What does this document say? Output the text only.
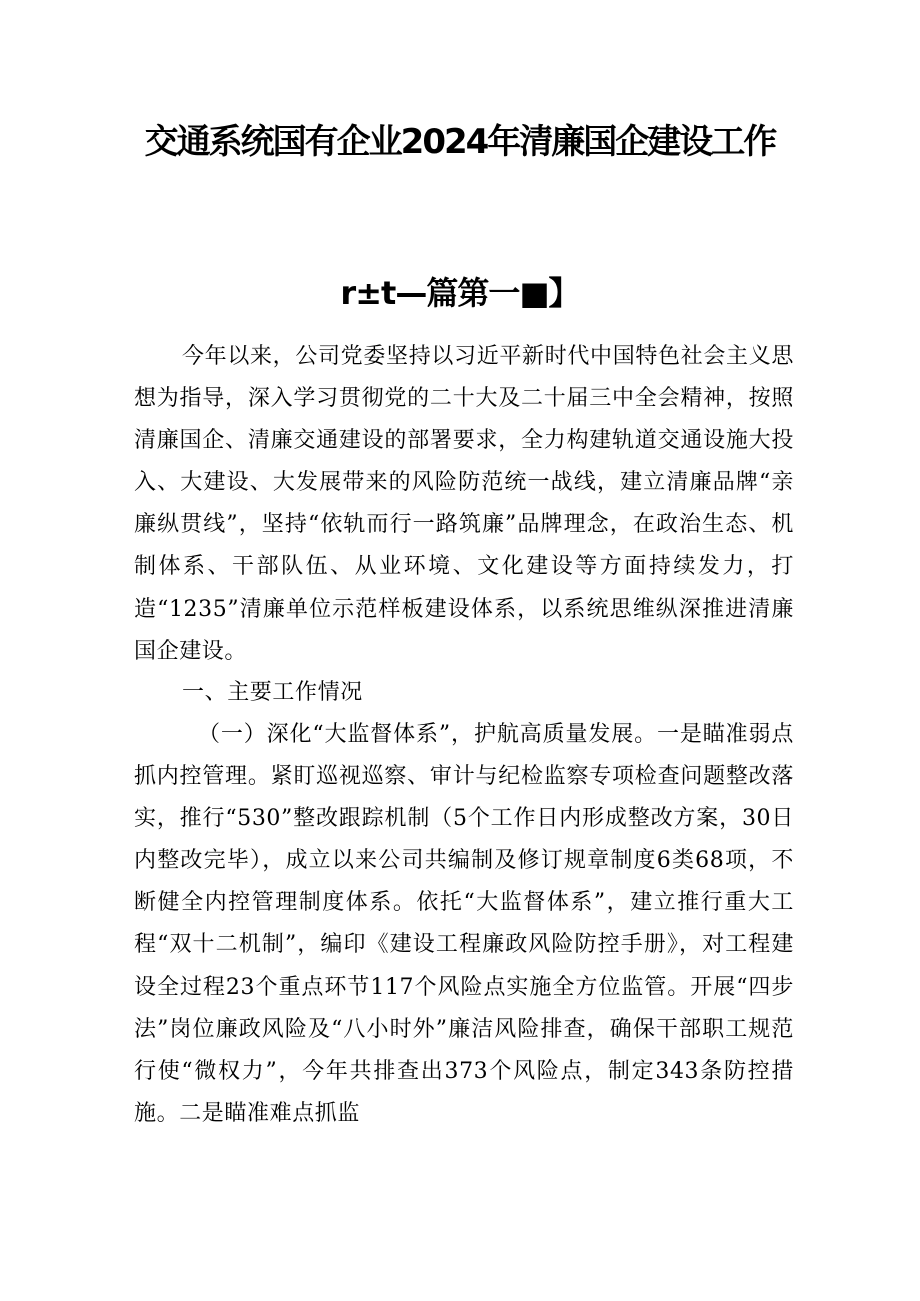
交通系统国有企业2024年清廉国企建设工作
r±t—篇第一■】

今年以来，公司党委坚持以习近平新时代中国特色社会主义思想为指导，深入学习贯彻党的二十大及二十届三中全会精神，按照清廉国企、清廉交通建设的部署要求，全力构建轨道交通设施大投入、大建设、大发展带来的风险防范统一战线，建立清廉品牌“亲廉纵贯线”，坚持“依轨而行一路筑廉”品牌理念，在政治生态、机制体系、干部队伍、从业环境、文化建设等方面持续发力，打造“1235”清廉单位示范样板建设体系，以系统思维纵深推进清廉国企建设。

一、主要工作情况

（一）深化“大监督体系”，护航高质量发展。一是瞄准弱点抓内控管理。紧盯巡视巡察、审计与纪检监察专项检查问题整改落实，推行“530”整改跟踪机制（5个工作日内形成整改方案，30日内整改完毕），成立以来公司共编制及修订规章制度6类68项，不断健全内控管理制度体系。依托“大监督体系”，建立推行重大工程“双十二机制”，编印《建设工程廉政风险防控手册》，对工程建设全过程23个重点环节117个风险点实施全方位监管。开展“四步法”岗位廉政风险及“八小时外”廉洁风险排查，确保干部职工规范行使“微权力”，今年共排查出373个风险点，制定343条防控措施。二是瞄准难点抓监
